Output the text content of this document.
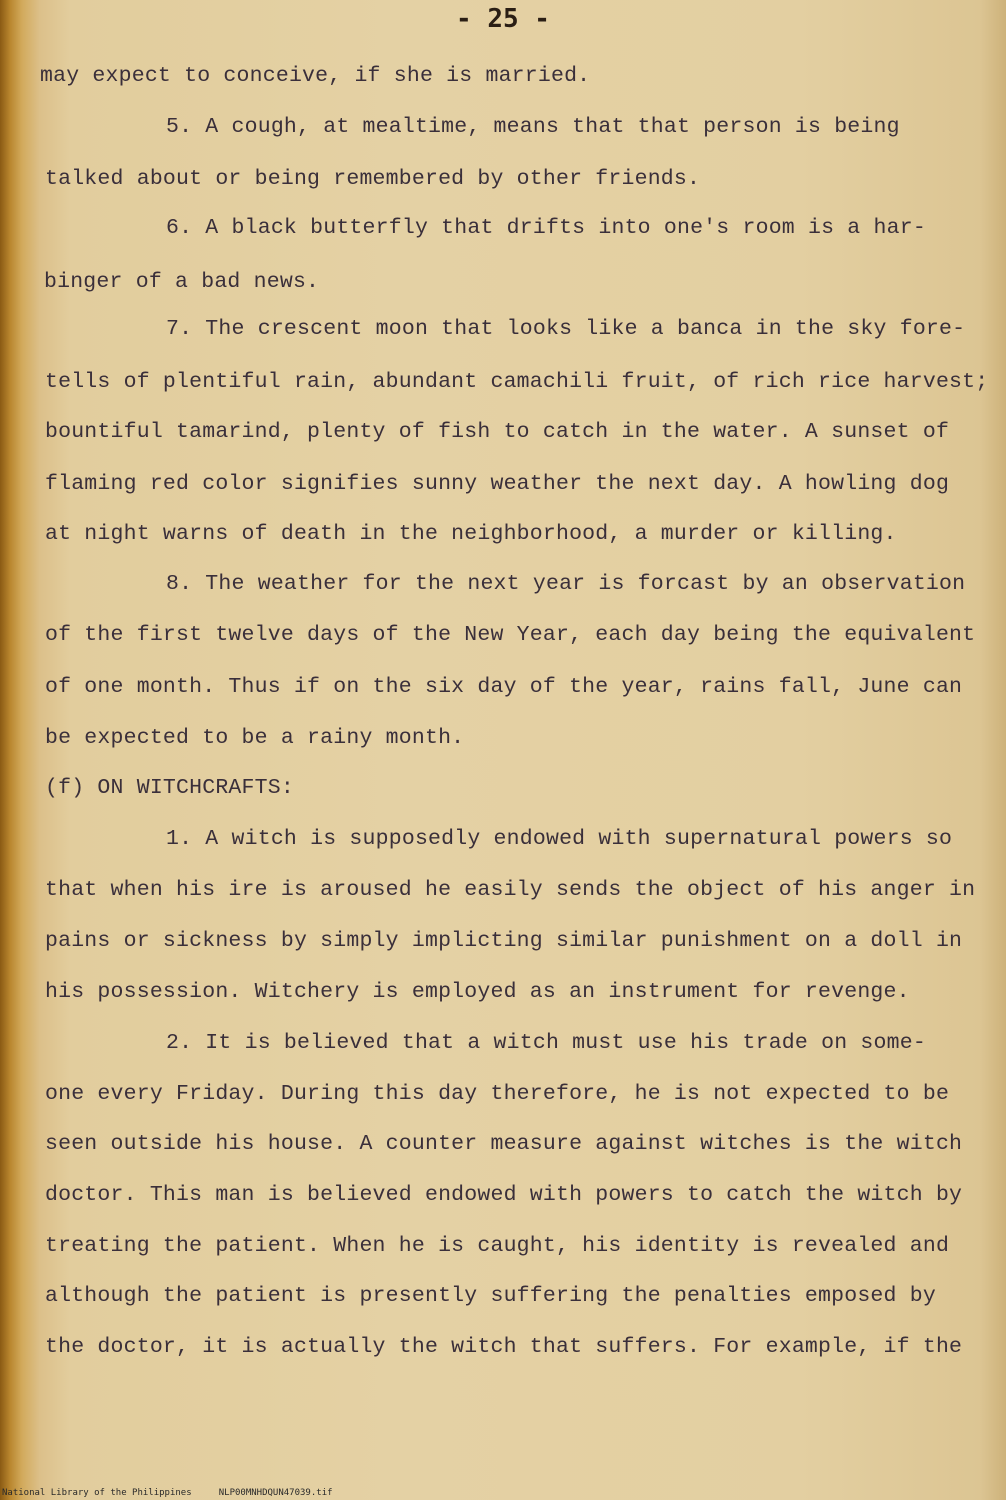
- 25 -
may expect to conceive, if she is married.
5. A cough, at mealtime, means that that person is being
talked about or being remembered by other friends.
6. A black butterfly that drifts into one's room is a har-
binger of a bad news.
7. The crescent moon that looks like a banca in the sky fore-
tells of plentiful rain, abundant camachili fruit, of rich rice harvest;
bountiful tamarind, plenty of fish to catch in the water. A sunset of
flaming red color signifies sunny weather the next day. A howling dog
at night warns of death in the neighborhood, a murder or killing.
8. The weather for the next year is forcast by an observation
of the first twelve days of the New Year, each day being the equivalent
of one month. Thus if on the six day of the year, rains fall, June can
be expected to be a rainy month.
(f) ON WITCHCRAFTS:
1. A witch is supposedly endowed with supernatural powers so
that when his ire is aroused he easily sends the object of his anger in
pains or sickness by simply implicting similar punishment on a doll in
his possession. Witchery is employed as an instrument for revenge.
2. It is believed that a witch must use his trade on some-
one every Friday. During this day therefore, he is not expected to be
seen outside his house. A counter measure against witches is the witch
doctor. This man is believed endowed with powers to catch the witch by
treating the patient. When he is caught, his identity is revealed and
although the patient is presently suffering the penalties emposed by
the doctor, it is actually the witch that suffers. For example, if the
National Library of the Philippines     NLP00MNHDQUN47039.tif
